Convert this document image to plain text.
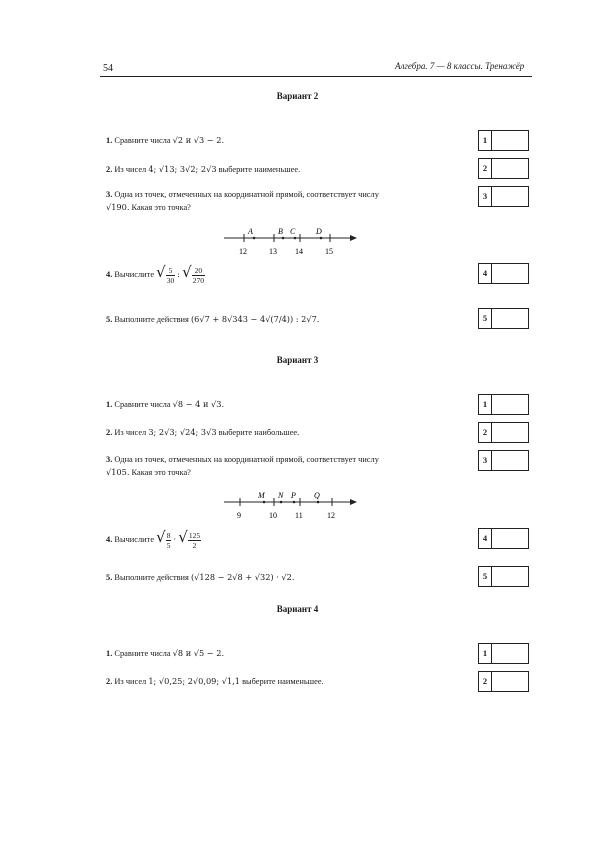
54	Алгебра. 7 — 8 классы. Тренажёр
Вариант 2
1. Сравните числа √2 и √3 − 2.	1
2. Из чисел 4; √13; 3√2; 2√3 выберите наименьшее.	2
3. Одна из точек, отмеченных на координатной прямой, соответствует числу
√190. Какая это точка?
3
A	B C	D
12	13 14	15
4. Вычислите √ $\frac{5}{30}$ : √ $\frac{20}{270}$	4
5. Выполните действия (6√7 + 8√343 − 4√(7/4)) : 2√7.	5
Вариант 3
1. Сравните числа √8 − 4 и √3.	1
2. Из чисел 3; 2√3; √24; 3√3 выберите наибольшее.	2
3. Одна из точек, отмеченных на координатной прямой, соответствует числу
√105. Какая это точка?
3
M N P Q
9	10 11	12
4. Вычислите √ $\frac{8}{5}$ · √ $\frac{125}{2}$	4
5. Выполните действия (√128 − 2√8 + √32) · √2.	5
Вариант 4
1. Сравните числа √8 и √5 − 2.	1
2. Из чисел 1; √0,25; 2√0,09; √1,1 выберите наименьшее.	2
